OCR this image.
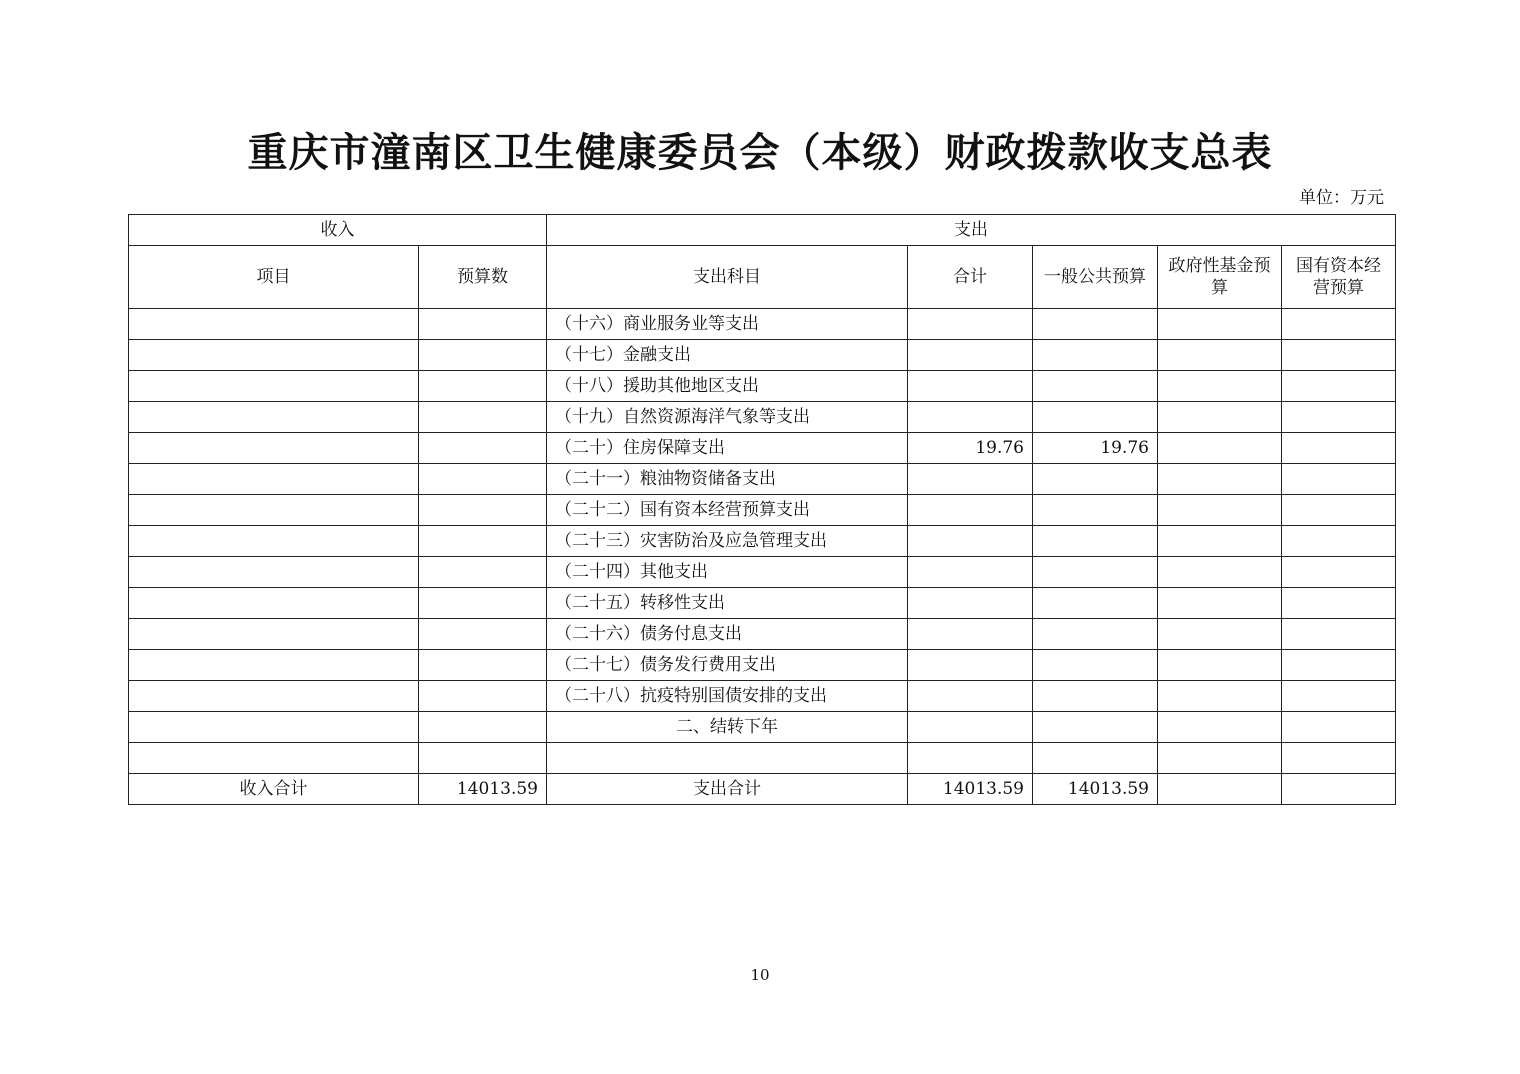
重庆市潼南区卫生健康委员会（本级）财政拨款收支总表
单位：万元
收入		支出				
项目	预算数	支出科目	合计	一般公共预算	政府性基金预算	国有资本经营预算
		（十六）商业服务业等支出				
		（十七）金融支出				
		（十八）援助其他地区支出				
		（十九）自然资源海洋气象等支出				
		（二十）住房保障支出	19.76	19.76		
		（二十一）粮油物资储备支出				
		（二十二）国有资本经营预算支出				
		（二十三）灾害防治及应急管理支出				
		（二十四）其他支出				
		（二十五）转移性支出				
		（二十六）债务付息支出				
		（二十七）债务发行费用支出				
		（二十八）抗疫特别国债安排的支出				
		二、结转下年				

收入合计	14013.59	支出合计	14013.59	14013.59		
10
